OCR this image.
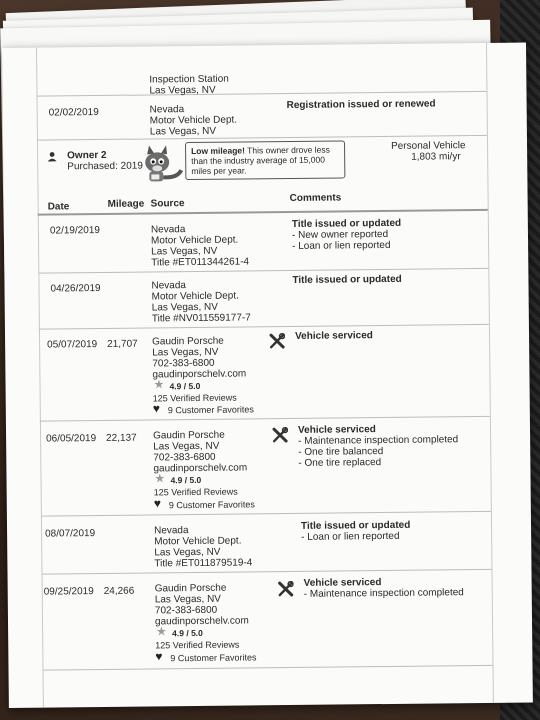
Inspection Station
Las Vegas, NV
02/02/2019	Nevada
Motor Vehicle Dept.
Las Vegas, NV
Registration issued or renewed
Owner 2
Purchased: 2019
Low mileage! This owner drove less
than the industry average of 15,000
miles per year.
Personal Vehicle
1,803 mi/yr
Date	Mileage Source	Comments
02/19/2019	Nevada
Motor Vehicle Dept.
Las Vegas, NV
Title #ET011344261-4
Title issued or updated
- New owner reported
- Loan or lien reported
04/26/2019	Nevada
Motor Vehicle Dept.
Las Vegas, NV
Title #NV011559177-7
Title issued or updated
05/07/2019 21,707 Gaudin Porsche
Las Vegas, NV
702-383-6800
gaudinporschelv.com
★ 4.9 / 5.0
125 Verified Reviews
♥ 9 Customer Favorites
Vehicle serviced
06/05/2019 22,137 Gaudin Porsche
Las Vegas, NV
702-383-6800
gaudinporschelv.com
★ 4.9 / 5.0
125 Verified Reviews
♥ 9 Customer Favorites
Vehicle serviced
- Maintenance inspection completed
- One tire balanced
- One tire replaced
08/07/2019	Nevada
Motor Vehicle Dept.
Las Vegas, NV
Title #ET011879519-4
Title issued or updated
- Loan or lien reported
09/25/2019 24,266 Gaudin Porsche
Las Vegas, NV
702-383-6800
gaudinporschelv.com
★ 4.9 / 5.0
125 Verified Reviews
♥ 9 Customer Favorites
Vehicle serviced
- Maintenance inspection completed
